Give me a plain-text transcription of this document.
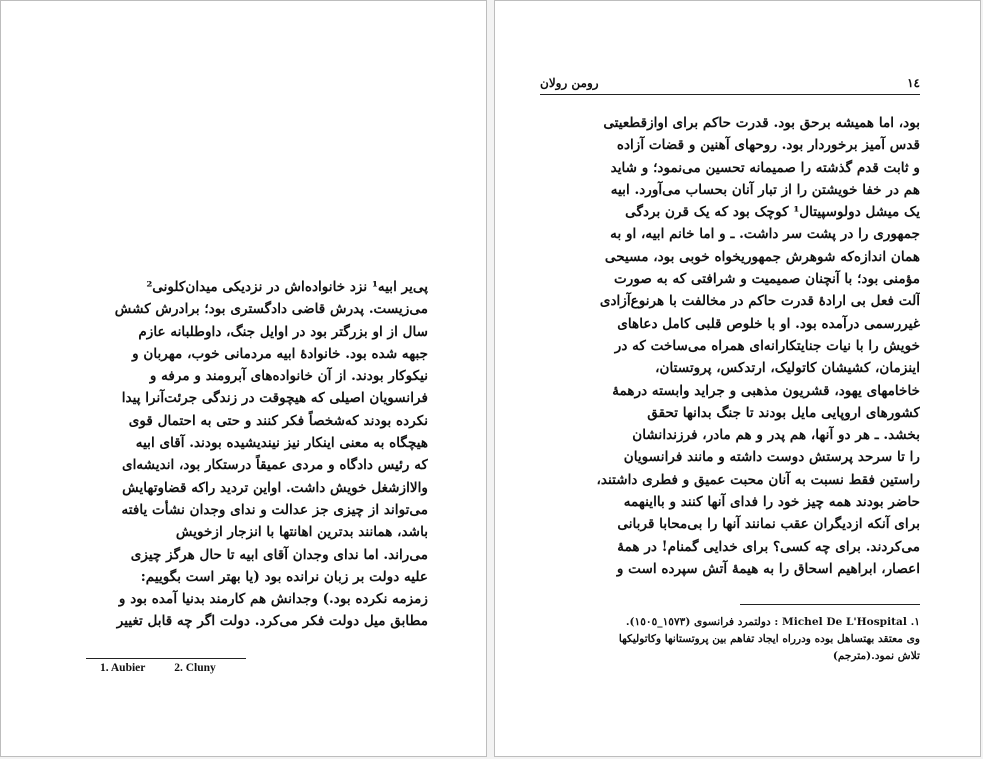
پی‌یر ابیه¹ نزد خانواده‌اش در نزدیکی میدان‌کلونی²
می‌زیست. پدرش قاضی دادگستری بود؛ برادرش کشش
سال از او بزرگتر بود در اوایل جنگ، داوطلبانه عازم
جبهه شده بود. خانوادهٔ ابیه مردمانی خوب، مهربان و
نیکوکار بودند. از آن خانواده‌های آبرومند و مرفه و
فرانسویان اصیلی که هیچوقت در زندگی جرئت‌آنرا پیدا
نکرده بودند که‌شخصاً فکر کنند و حتی به احتمال قوی
هیچگاه به معنی اینکار نیز نیندیشیده بودند. آقای ابیه
که رئیس دادگاه و مردی عمیقاً درستکار بود، اندیشه‌ای
والاازشغل خویش داشت. اواین تردید راکه قضاوتهایش
می‌تواند از چیزی جز عدالت و ندای وجدان نشأت یافته
باشد، همانند بدترین اهانتها با انزجار ازخویش
می‌راند. اما ندای وجدان آقای ابیه تا حال هرگز چیزی
علیه دولت بر زبان نرانده بود (یا بهتر است بگوییم:
زمزمه نکرده بود.) وجدانش هم کارمند بدنیا آمده بود و
مطابق میل دولت فکر می‌کرد. دولت اگر چه قابل تغییر
1. Aubier	2. Cluny
١٤
رومن رولان
بود، اما همیشه برحق بود. قدرت حاکم برای اوازقطعیتی
قدس آمیز برخوردار بود. روحهای آهنین و قضات آزاده
و ثابت قدم گذشته را صمیمانه تحسین می‌نمود؛ و شاید
هم در خفا خویشتن را از تبار آنان بحساب می‌آورد. ابیه
یک میشل دولوسپیتال¹ کوچک بود که یک قرن بردگی
جمهوری را در پشت سر داشت. ـ و اما خانم ابیه، او به
همان اندازه‌که شوهرش جمهوریخواه خوبی بود، مسیحی
مؤمنی بود؛ با آنچنان صمیمیت و شرافتی که به صورت
آلت فعل بی ارادهٔ قدرت حاکم در مخالفت با هرنوع‌آزادی
غیررسمی درآمده بود. او با خلوص قلبی کامل دعاهای
خویش را با نیات جنایتکارانه‌ای همراه می‌ساخت که در
اینزمان، کشیشان کاتولیک، ارتدکس، پروتستان،
خاخامهای یهود، قشریون مذهبی و جراید وابسته درهمهٔ
کشورهای اروپایی مایل بودند تا جنگ بدانها تحقق
بخشد. ـ هر دو آنها، هم پدر و هم مادر، فرزندانشان
را تا سرحد پرستش دوست داشته و مانند فرانسویان
راستین فقط نسبت به آنان محبت عمیق و فطری داشتند،
حاضر بودند همه چیز خود را فدای آنها کنند و بااینهمه
برای آنکه ازدیگران عقب نمانند آنها را بی‌محابا قربانی
می‌کردند. برای چه کسی؟ برای خدایی گمنام! در همهٔ
اعصار، ابراهیم اسحاق را به هیمهٔ آتش سپرده است و
١. Michel De L'Hospital : دولتمرد فرانسوی (١٥٧٣_١٥٠٥).
وی معتقد بهتساهل بوده ودرراه ایجاد تفاهم بین پروتستانها وکاتولیکها
تلاش نمود.(مترجم)
